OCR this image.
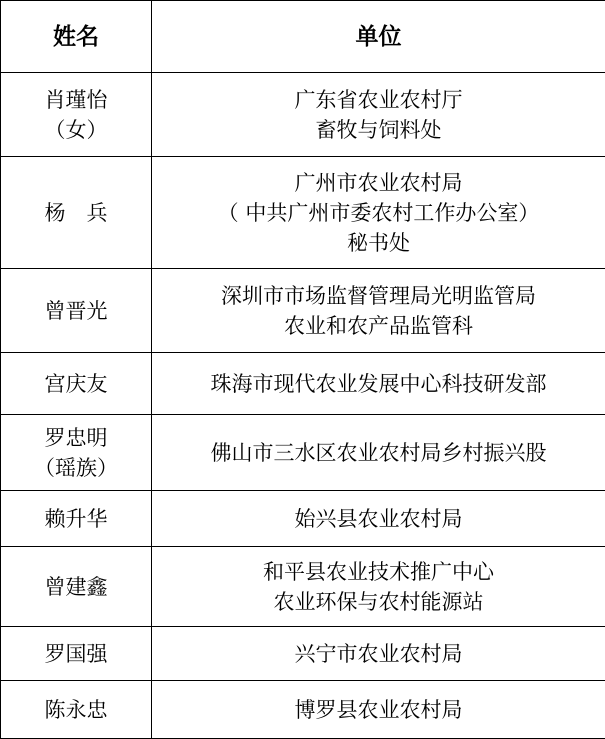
姓名	单位

肖瑾怡
（女）	广东省农业农村厅
畜牧与饲料处

杨　兵	广州市农业农村局
（ 中共广州市委农村工作办公室）
秘书处

曾晋光	深圳市市场监督管理局光明监管局
农业和农产品监管科

宫庆友	珠海市现代农业发展中心科技研发部

罗忠明
（瑶族）	佛山市三水区农业农村局乡村振兴股

赖升华	始兴县农业农村局

曾建鑫	和平县农业技术推广中心
农业环保与农村能源站

罗国强	兴宁市农业农村局

陈永忠	博罗县农业农村局
